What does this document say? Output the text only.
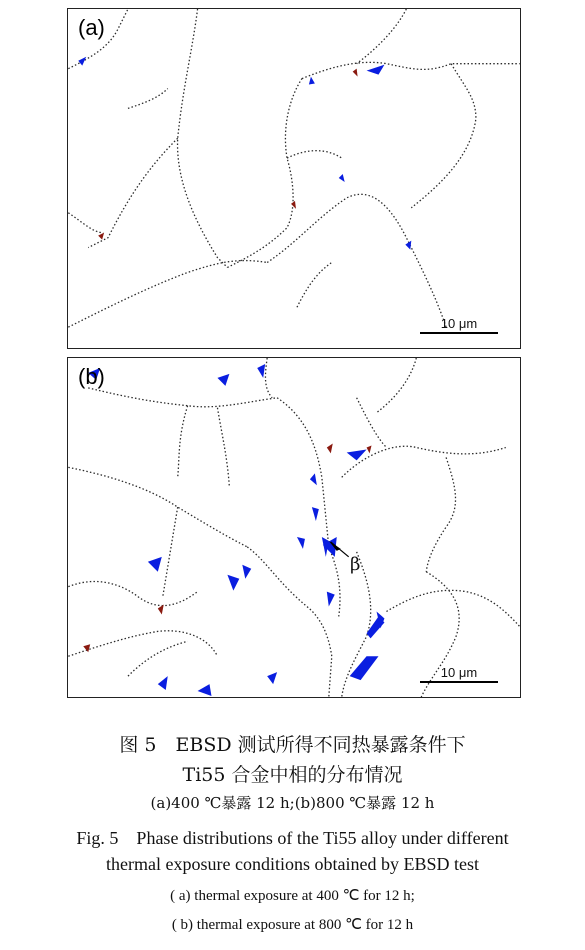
(a)
10 μm
(b)
β
10 μm
图 5　EBSD 测试所得不同热暴露条件下
Ti55 合金中相的分布情况
(a)400 ℃暴露 12 h;(b)800 ℃暴露 12 h
Fig. 5　Phase distributions of the Ti55 alloy under different
thermal exposure conditions obtained by EBSD test
( a) thermal exposure at 400 ℃ for 12 h;
( b) thermal exposure at 800 ℃ for 12 h
